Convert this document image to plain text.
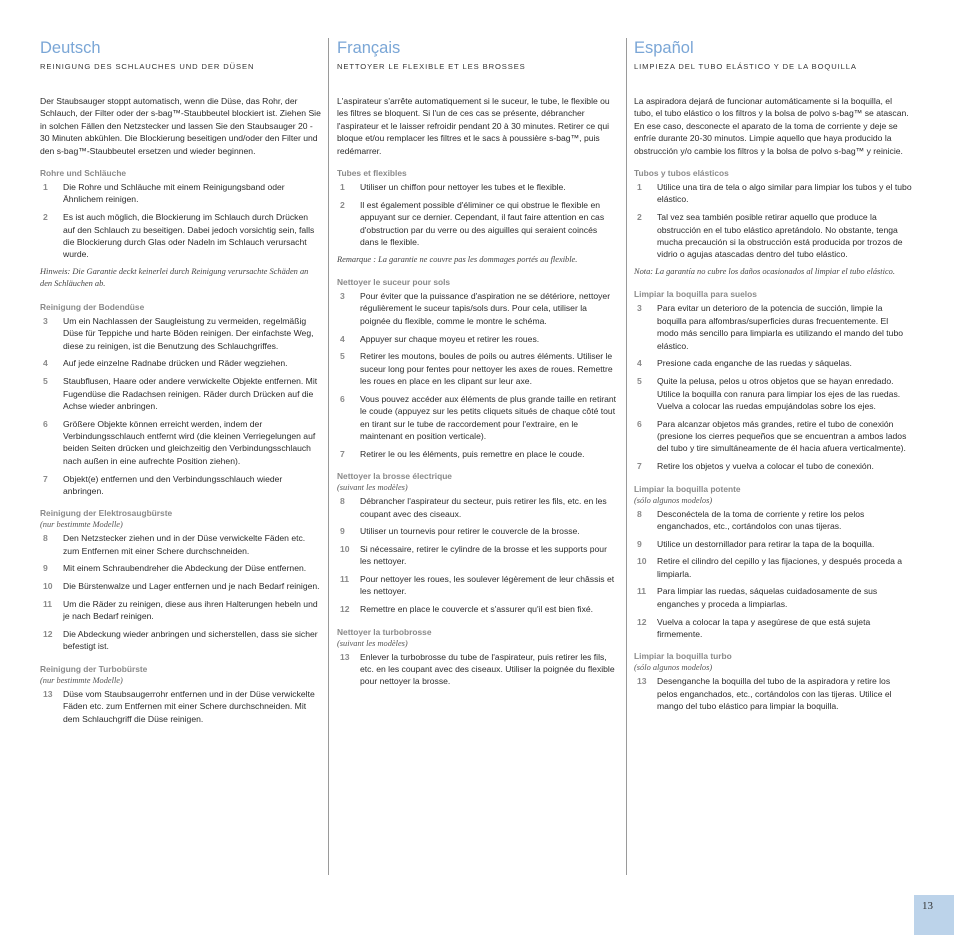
Deutsch
REINIGUNG DES SCHLAUCHES UND DER DÜSEN
Der Staubsauger stoppt automatisch, wenn die Düse, das Rohr, der Schlauch, der Filter oder der s-bag™-Staubbeutel blockiert ist. Ziehen Sie in solchen Fällen den Netzstecker und lassen Sie den Staubsauger 20 - 30 Minuten abkühlen. Die Blockierung beseitigen und/oder den Filter und den s-bag™-Staubbeutel ersetzen und wieder beginnen.
Rohre und Schläuche
1	Die Rohre und Schläuche mit einem Reinigungsband oder Ähnlichem reinigen.
2	Es ist auch möglich, die Blockierung im Schlauch durch Drücken auf den Schlauch zu beseitigen. Dabei jedoch vorsichtig sein, falls die Blockierung durch Glas oder Nadeln im Schlauch verursacht wurde.
Hinweis: Die Garantie deckt keinerlei durch Reinigung verursachte Schäden an den Schläuchen ab.
Reinigung der Bodendüse
3	Um ein Nachlassen der Saugleistung zu vermeiden, regelmäßig Düse für Teppiche und harte Böden reinigen. Der einfachste Weg, diese zu reinigen, ist die Benutzung des Schlauchgriffes.
4	Auf jede einzelne Radnabe drücken und Räder wegziehen.
5	Staubflusen, Haare oder andere verwickelte Objekte entfernen. Mit Fugendüse die Radachsen reinigen. Räder durch Drücken auf die Achse wieder anbringen.
6	Größere Objekte können erreicht werden, indem der Verbindungsschlauch entfernt wird (die kleinen Verriegelungen auf beiden Seiten drücken und gleichzeitig den Verbindungsschlauch nach außen in eine aufrechte Position ziehen).
7	Objekt(e) entfernen und den Verbindungsschlauch wieder anbringen.
Reinigung der Elektrosaugbürste
(nur bestimmte Modelle)
8	Den Netzstecker ziehen und in der Düse verwickelte Fäden etc. zum Entfernen mit einer Schere durchschneiden.
9	Mit einem Schraubendreher die Abdeckung der Düse entfernen.
10	Die Bürstenwalze und Lager entfernen und je nach Bedarf reinigen.
11	Um die Räder zu reinigen, diese aus ihren Halterungen hebeln und je nach Bedarf reinigen.
12	Die Abdeckung wieder anbringen und sicherstellen, dass sie sicher befestigt ist.
Reinigung der Turbobürste
(nur bestimmte Modelle)
13	Düse vom Staubsaugerrohr entfernen und in der Düse verwickelte Fäden etc. zum Entfernen mit einer Schere durchschneiden. Mit dem Schlauchgriff die Düse reinigen.
Français
NETTOYER LE FLEXIBLE ET LES BROSSES
L'aspirateur s'arrête automatiquement si le suceur, le tube, le flexible ou les filtres se bloquent. Si l'un de ces cas se présente, débrancher l'aspirateur et le laisser refroidir pendant 20 à 30 minutes. Retirer ce qui bloque et/ou remplacer les filtres et le sacs à poussière s-bag™, puis redémarrer.
Tubes et flexibles
1	Utiliser un chiffon pour nettoyer les tubes et le flexible.
2	Il est également possible d'éliminer ce qui obstrue le flexible en appuyant sur ce dernier. Cependant, il faut faire attention en cas d'obstruction par du verre ou des aiguilles qui seraient coincés dans le flexible.
Remarque : La garantie ne couvre pas les dommages portés au flexible.
Nettoyer le suceur pour sols
3	Pour éviter que la puissance d'aspiration ne se détériore, nettoyer régulièrement le suceur tapis/sols durs. Pour cela, utiliser la poignée du flexible, comme le montre le schéma.
4	Appuyer sur chaque moyeu et retirer les roues.
5	Retirer les moutons, boules de poils ou autres éléments. Utiliser le suceur long pour fentes pour nettoyer les axes de roues. Remettre les roues en place en les clipant sur leur axe.
6	Vous pouvez accéder aux éléments de plus grande taille en retirant le coude (appuyez sur les petits cliquets situés de chaque côté tout en tirant sur le tube de raccordement pour l'extraire, en le maintenant en position verticale).
7	Retirer le ou les éléments, puis remettre en place le coude.
Nettoyer la brosse électrique
(suivant les modèles)
8	Débrancher l'aspirateur du secteur, puis retirer les fils, etc. en les coupant avec des ciseaux.
9	Utiliser un tournevis pour retirer le couvercle de la brosse.
10	Si nécessaire, retirer le cylindre de la brosse et les supports pour les nettoyer.
11	Pour nettoyer les roues, les soulever légèrement de leur châssis et les nettoyer.
12	Remettre en place le couvercle et s'assurer qu'il est bien fixé.
Nettoyer la turbobrosse
(suivant les modèles)
13	Enlever la turbobrosse du tube de l'aspirateur, puis retirer les fils, etc. en les coupant avec des ciseaux. Utiliser la poignée du flexible pour nettoyer la brosse.
Español
LIMPIEZA DEL TUBO ELÁSTICO Y DE LA BOQUILLA
La aspiradora dejará de funcionar automáticamente si la boquilla, el tubo, el tubo elástico o los filtros y la bolsa de polvo s-bag™ se atascan. En ese caso, desconecte el aparato de la toma de corriente y deje se enfríe durante 20-30 minutos. Limpie aquello que haya producido la obstrucción y/o cambie los filtros y la bolsa de polvo s-bag™ y reinicie.
Tubos y tubos elásticos
1	Utilice una tira de tela o algo similar para limpiar los tubos y el tubo elástico.
2	Tal vez sea también posible retirar aquello que produce la obstrucción en el tubo elástico apretándolo. No obstante, tenga mucha precaución si la obstrucción está producida por trozos de vidrio o agujas atascadas dentro del tubo elástico.
Nota: La garantía no cubre los daños ocasionados al limpiar el tubo elástico.
Limpiar la boquilla para suelos
3	Para evitar un deterioro de la potencia de succión, limpie la boquilla para alfombras/superficies duras frecuentemente. El modo más sencillo para limpiarla es utilizando el mando del tubo elástico.
4	Presione cada enganche de las ruedas y sáquelas.
5	Quite la pelusa, pelos u otros objetos que se hayan enredado. Utilice la boquilla con ranura para limpiar los ejes de las ruedas. Vuelva a colocar las ruedas empujándolas sobre los ejes.
6	Para alcanzar objetos más grandes, retire el tubo de conexión (presione los cierres pequeños que se encuentran a ambos lados del tubo y tire simultáneamente de él hacia afuera verticalmente).
7	Retire los objetos y vuelva a colocar el tubo de conexión.
Limpiar la boquilla potente
(sólo algunos modelos)
8	Desconéctela de la toma de corriente y retire los pelos enganchados, etc., cortándolos con unas tijeras.
9	Utilice un destornillador para retirar la tapa de la boquilla.
10	Retire el cilindro del cepillo y las fijaciones, y después proceda a limpiarla.
11	Para limpiar las ruedas, sáquelas cuidadosamente de sus enganches y proceda a limpiarlas.
12	Vuelva a colocar la tapa y asegúrese de que está sujeta firmemente.
Limpiar la boquilla turbo
(sólo algunos modelos)
13	Desenganche la boquilla del tubo de la aspiradora y retire los pelos enganchados, etc., cortándolos con las tijeras. Utilice el mango del tubo elástico para limpiar la boquilla.
13
